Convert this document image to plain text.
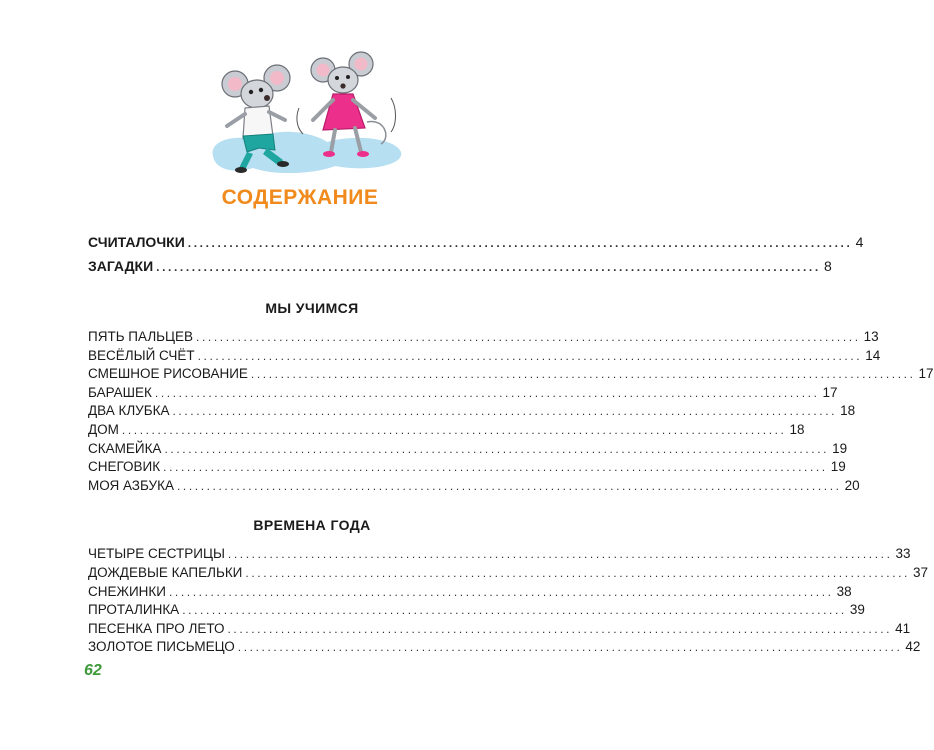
СОДЕРЖАНИЕ
СЧИТАЛОЧКИ ................................................................................................................ 4
ЗАГАДКИ ................................................................................................................ 8
МЫ УЧИМСЯ
ПЯТЬ ПАЛЬЦЕВ ................................................................................................................ 13
ВЕСЁЛЫЙ СЧЁТ ................................................................................................................ 14
СМЕШНОЕ РИСОВАНИЕ ................................................................................................................ 17
БАРАШЕК ................................................................................................................ 17
ДВА КЛУБКА ................................................................................................................ 18
ДОМ ................................................................................................................ 18
СКАМЕЙКА ................................................................................................................ 19
СНЕГОВИК ................................................................................................................ 19
МОЯ АЗБУКА ................................................................................................................ 20
ВРЕМЕНА ГОДА
ЧЕТЫРЕ СЕСТРИЦЫ ................................................................................................................ 33
ДОЖДЕВЫЕ КАПЕЛЬКИ ................................................................................................................ 37
СНЕЖИНКИ ................................................................................................................ 38
ПРОТАЛИНКА ................................................................................................................ 39
ПЕСЕНКА ПРО ЛЕТО ................................................................................................................ 41
ЗОЛОТОЕ ПИСЬМЕЦО ................................................................................................................ 42
62
